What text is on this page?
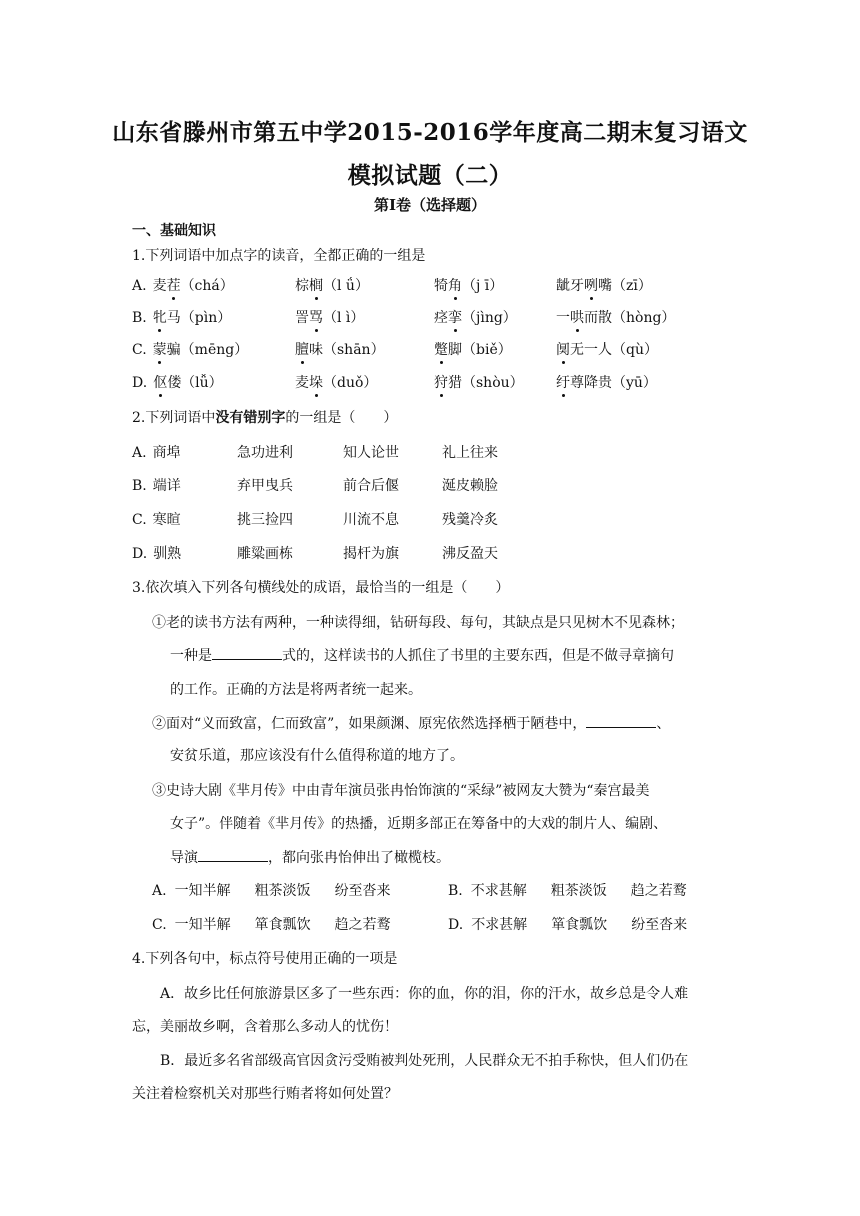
山东省滕州市第五中学2015-2016学年度高二期末复习语文
模拟试题（二）
第Ⅰ卷（选择题）
一、基础知识
1.下列词语中加点字的读音，全都正确的一组是
A. 麦茬（chá）	棕榈（l ǘ）	犄角（j ī）	龇牙咧嘴（zī）
B. 牝马（pìn）	詈骂（l ì）	痉挛（jìng）	一哄而散（hòng）
C. 蒙骗（mēng）	膻味（shān）	蹩脚（biě）	阒无一人（qù）
D. 伛偻（lǚ）	麦垛（duǒ）	狩猎（shòu） 纡尊降贵（yū）
2.下列词语中没有错别字的一组是（　　）
A. 商埠	急功进利	知人论世	礼上往来
B. 端详	弃甲曳兵	前合后偃	涎皮赖脸
C. 寒暄	挑三捡四	川流不息	残羹冷炙
D. 驯熟	雕粱画栋	揭杆为旗	沸反盈天
3.依次填入下列各句横线处的成语，最恰当的一组是（　　）
①老的读书方法有两种，一种读得细，钻研每段、每句，其缺点是只见树木不见森林；
一种是	式的，这样读书的人抓住了书里的主要东西，但是不做寻章摘句
的工作。正确的方法是将两者统一起来。
②面对“义而致富，仁而致富”，如果颜渊、原宪依然选择栖于陋巷中，	、
安贫乐道，那应该没有什么值得称道的地方了。
③史诗大剧《芈月传》中由青年演员张冉怡饰演的“采绿”被网友大赞为“秦宫最美
女子”。伴随着《芈月传》的热播，近期多部正在筹备中的大戏的制片人、编剧、
导演	，都向张冉怡伸出了橄榄枝。
A. 一知半解 粗茶淡饭 纷至沓来	B. 不求甚解 粗茶淡饭 趋之若鹜
C. 一知半解 箪食瓢饮 趋之若鹜	D. 不求甚解 箪食瓢饮 纷至沓来
4.下列各句中，标点符号使用正确的一项是
A．故乡比任何旅游景区多了一些东西：你的血，你的泪，你的汗水，故乡总是令人难
忘，美丽故乡啊，含着那么多动人的忧伤！
B．最近多名省部级高官因贪污受贿被判处死刑，人民群众无不拍手称快，但人们仍在
关注着检察机关对那些行贿者将如何处置？
